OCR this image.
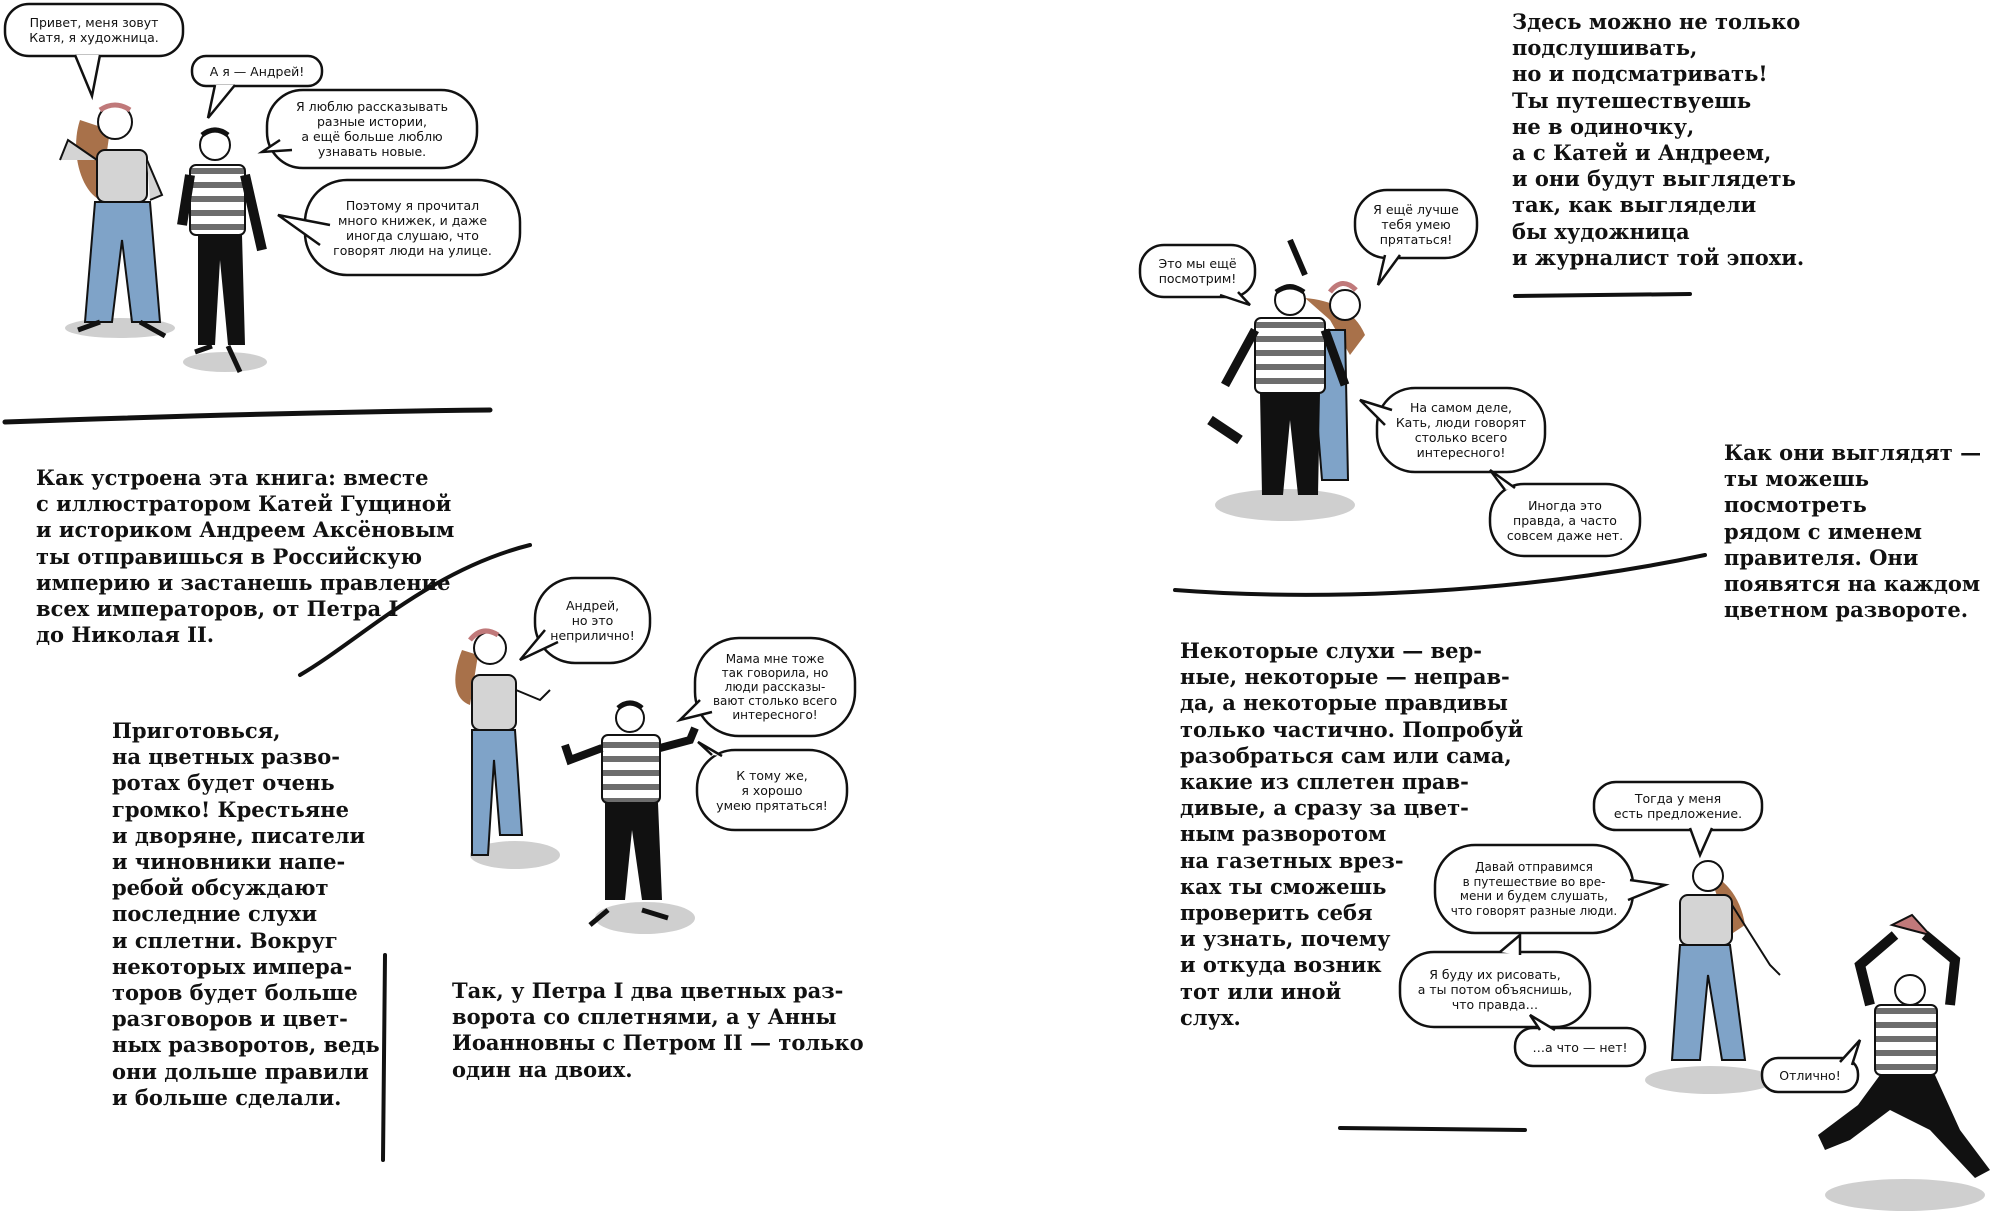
Привет, меня зовут
Катя, я художница.
А я — Андрей!
Я люблю рассказывать
разные истории,
а ещё больше люблю
узнавать новые.
Поэтому я прочитал
много книжек, и даже
иногда слушаю, что
говорят люди на улице.
Андрей,
но это
неприлично!
Мама мне тоже
так говорила, но
люди рассказы-
вают столько всего
интересного!
К тому же,
я хорошо
умею прятаться!
Это мы ещё
посмотрим!
Я ещё лучше
тебя умею
прятаться!
На самом деле,
Кать, люди говорят
столько всего
интересного!
Иногда это
правда, а часто
совсем даже нет.
Тогда у меня
есть предложение.
Давай отправимся
в путешествие во вре-
мени и будем слушать,
что говорят разные люди.
Я буду их рисовать,
а ты потом объяснишь,
что правда…
…а что — нет!
Отлично!

Как устроена эта книга: вместе
с иллюстратором Катей Гущиной
и историком Андреем Аксёновым
ты отправишься в Российскую
империю и застанешь правление
всех императоров, от Петра I
до Николая II.

Приготовься,
на цветных разво-
ротах будет очень
громко! Крестьяне
и дворяне, писатели
и чиновники напе-
ребой обсуждают
последние слухи
и сплетни. Вокруг
некоторых импера-
торов будет больше
разговоров и цвет-
ных разворотов, ведь
они дольше правили
и больше сделали.

Так, у Петра I два цветных раз-
ворота со сплетнями, а у Анны
Иоанновны с Петром II — только
один на двоих.

Здесь можно не только
подслушивать,
но и подсматривать!
Ты путешествуешь
не в одиночку,
а с Катей и Андреем,
и они будут выглядеть
так, как выглядели
бы художница
и журналист той эпохи.

Как они выглядят —
ты можешь
посмотреть
рядом с именем
правителя. Они
появятся на каждом
цветном развороте.

Некоторые слухи — вер-
ные, некоторые — неправ-
да, а некоторые правдивы
только частично. Попробуй
разобраться сам или сама,
какие из сплетен прав-
дивые, а сразу за цвет-
ным разворотом
на газетных врез-
ках ты сможешь
проверить себя
и узнать, почему
и откуда возник
тот или иной
слух.
